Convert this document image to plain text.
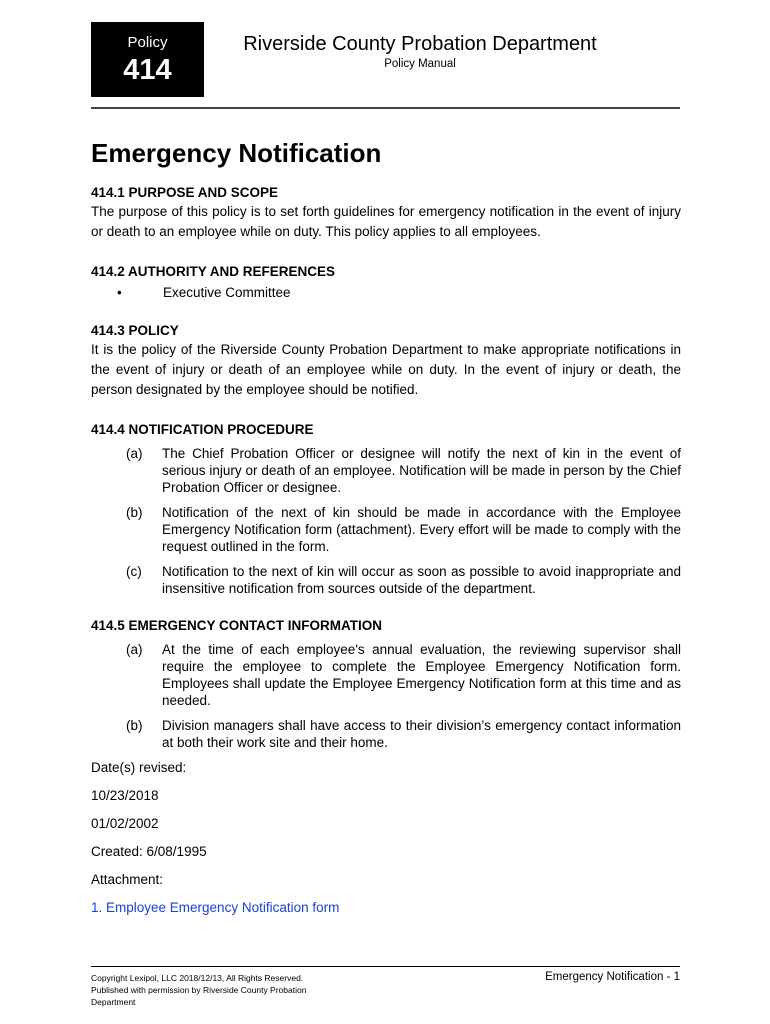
Policy
414
Riverside County Probation Department
Policy Manual
Emergency Notification

414.1 PURPOSE AND SCOPE

The purpose of this policy is to set forth guidelines for emergency notification in the event of injury or death to an employee while on duty. This policy applies to all employees.

414.2 AUTHORITY AND REFERENCES

•	Executive Committee

414.3 POLICY

It is the policy of the Riverside County Probation Department to make appropriate notifications in the event of injury or death of an employee while on duty. In the event of injury or death, the person designated by the employee should be notified.

414.4 NOTIFICATION PROCEDURE

(a)	The Chief Probation Officer or designee will notify the next of kin in the event of serious injury or death of an employee. Notification will be made in person by the Chief Probation Officer or designee.
(b)	Notification of the next of kin should be made in accordance with the Employee Emergency Notification form (attachment). Every effort will be made to comply with the request outlined in the form.
(c)	Notification to the next of kin will occur as soon as possible to avoid inappropriate and insensitive notification from sources outside of the department.

414.5 EMERGENCY CONTACT INFORMATION

(a)	At the time of each employee's annual evaluation, the reviewing supervisor shall require the employee to complete the Employee Emergency Notification form. Employees shall update the Employee Emergency Notification form at this time and as needed.
(b)	Division managers shall have access to their division’s emergency contact information at both their work site and their home.

Date(s) revised:

10/23/2018

01/02/2002

Created: 6/08/1995

Attachment:

1. Employee Emergency Notification form

Copyright Lexipol, LLC 2018/12/13, All Rights Reserved.
Published with permission by Riverside County Probation Department
Emergency Notification - 1
